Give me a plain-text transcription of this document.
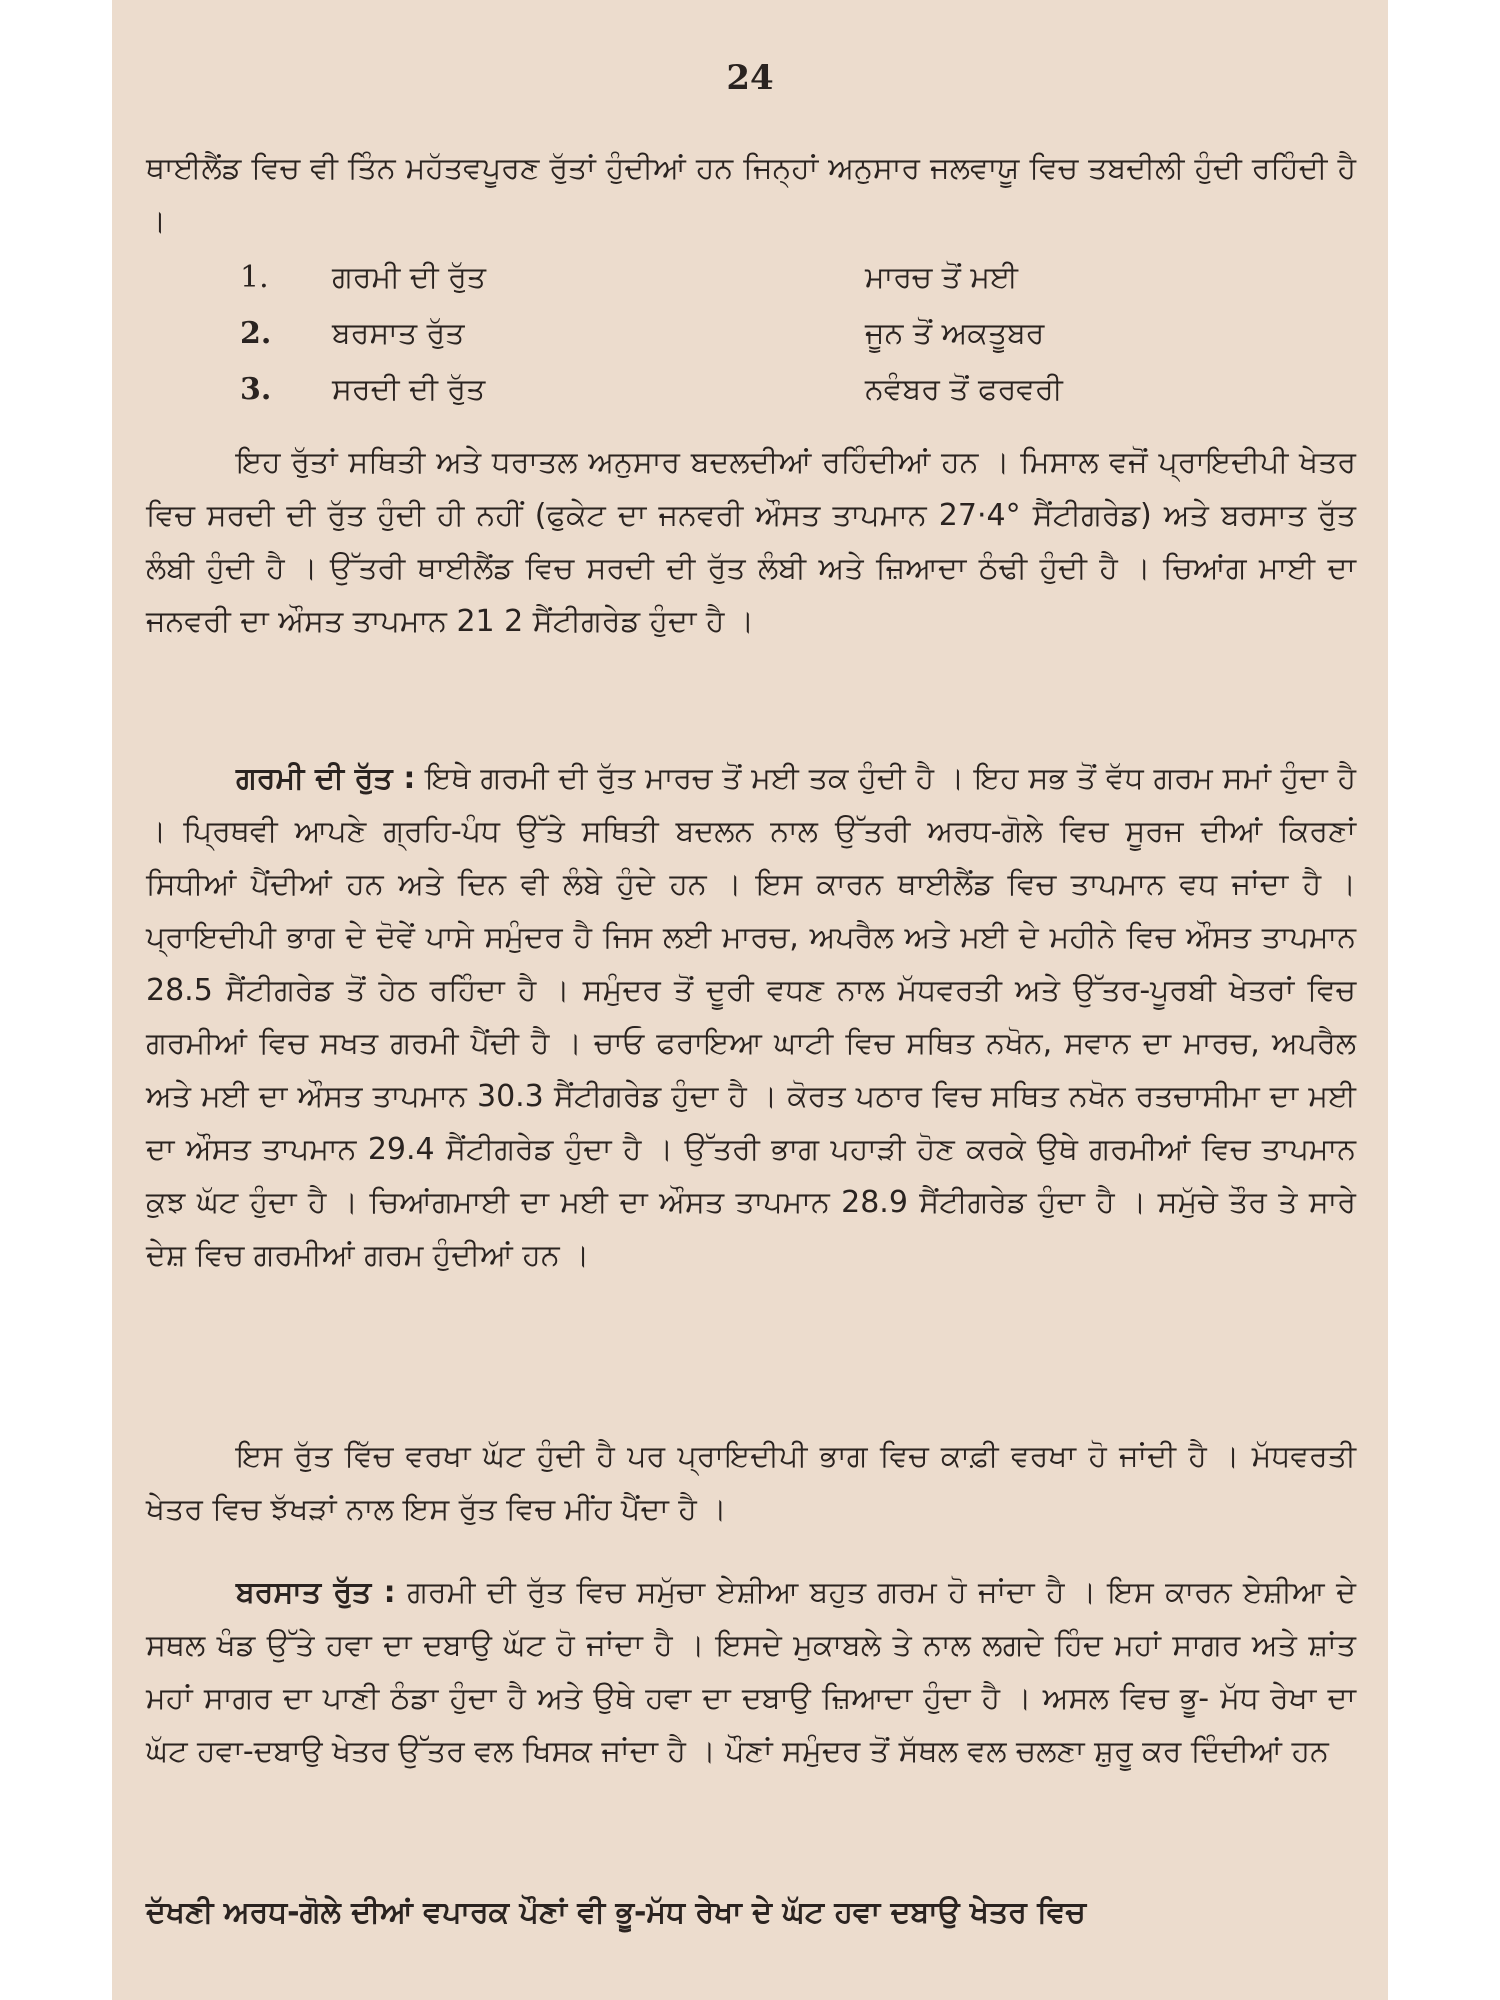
24

ਥਾਈਲੈਂਡ ਵਿਚ ਵੀ ਤਿੰਨ ਮਹੱਤਵਪੂਰਣ ਰੁੱਤਾਂ ਹੁੰਦੀਆਂ ਹਨ ਜਿਨ੍ਹਾਂ ਅਨੁਸਾਰ ਜਲਵਾਯੂ ਵਿਚ ਤਬਦੀਲੀ ਹੁੰਦੀ ਰਹਿੰਦੀ ਹੈ ।

1. ਗਰਮੀ ਦੀ ਰੁੱਤ	ਮਾਰਚ ਤੋਂ ਮਈ
2. ਬਰਸਾਤ ਰੁੱਤ	ਜੂਨ ਤੋਂ ਅਕਤੂਬਰ
3. ਸਰਦੀ ਦੀ ਰੁੱਤ	ਨਵੰਬਰ ਤੋਂ ਫਰਵਰੀ

ਇਹ ਰੁੱਤਾਂ ਸਥਿਤੀ ਅਤੇ ਧਰਾਤਲ ਅਨੁਸਾਰ ਬਦਲਦੀਆਂ ਰਹਿੰਦੀਆਂ ਹਨ । ਮਿਸਾਲ ਵਜੋਂ ਪ੍ਰਾਇਦੀਪੀ ਖੇਤਰ ਵਿਚ ਸਰਦੀ ਦੀ ਰੁੱਤ ਹੁੰਦੀ ਹੀ ਨਹੀਂ (ਫੁਕੇਟ ਦਾ ਜਨਵਰੀ ਔਸਤ ਤਾਪਮਾਨ 27·4° ਸੈਂਟੀਗਰੇਡ) ਅਤੇ ਬਰਸਾਤ ਰੁੱਤ ਲੰਬੀ ਹੁੰਦੀ ਹੈ । ਉੱਤਰੀ ਥਾਈਲੈਂਡ ਵਿਚ ਸਰਦੀ ਦੀ ਰੁੱਤ ਲੰਬੀ ਅਤੇ ਜ਼ਿਆਦਾ ਠੰਢੀ ਹੁੰਦੀ ਹੈ । ਚਿਆਂਗ ਮਾਈ ਦਾ ਜਨਵਰੀ ਦਾ ਔਸਤ ਤਾਪਮਾਨ 21 2 ਸੈਂਟੀਗਰੇਡ ਹੁੰਦਾ ਹੈ ।

ਗਰਮੀ ਦੀ ਰੁੱਤ : ਇਥੇ ਗਰਮੀ ਦੀ ਰੁੱਤ ਮਾਰਚ ਤੋਂ ਮਈ ਤਕ ਹੁੰਦੀ ਹੈ । ਇਹ ਸਭ ਤੋਂ ਵੱਧ ਗਰਮ ਸਮਾਂ ਹੁੰਦਾ ਹੈ । ਪ੍ਰਿਥਵੀ ਆਪਣੇ ਗ੍ਰਹਿ-ਪੰਧ ਉੱਤੇ ਸਥਿਤੀ ਬਦਲਨ ਨਾਲ ਉੱਤਰੀ ਅਰਧ-ਗੋਲੇ ਵਿਚ ਸੂਰਜ ਦੀਆਂ ਕਿਰਣਾਂ ਸਿਧੀਆਂ ਪੈਂਦੀਆਂ ਹਨ ਅਤੇ ਦਿਨ ਵੀ ਲੰਬੇ ਹੁੰਦੇ ਹਨ । ਇਸ ਕਾਰਨ ਥਾਈਲੈਂਡ ਵਿਚ ਤਾਪਮਾਨ ਵਧ ਜਾਂਦਾ ਹੈ । ਪ੍ਰਾਇਦੀਪੀ ਭਾਗ ਦੇ ਦੋਵੇਂ ਪਾਸੇ ਸਮੁੰਦਰ ਹੈ ਜਿਸ ਲਈ ਮਾਰਚ, ਅਪਰੈਲ ਅਤੇ ਮਈ ਦੇ ਮਹੀਨੇ ਵਿਚ ਔਸਤ ਤਾਪਮਾਨ 28.5 ਸੈਂਟੀਗਰੇਡ ਤੋਂ ਹੇਠ ਰਹਿੰਦਾ ਹੈ । ਸਮੁੰਦਰ ਤੋਂ ਦੂਰੀ ਵਧਣ ਨਾਲ ਮੱਧਵਰਤੀ ਅਤੇ ਉੱਤਰ-ਪੂਰਬੀ ਖੇਤਰਾਂ ਵਿਚ ਗਰਮੀਆਂ ਵਿਚ ਸਖਤ ਗਰਮੀ ਪੈਂਦੀ ਹੈ । ਚਾਓ ਫਰਾਇਆ ਘਾਟੀ ਵਿਚ ਸਥਿਤ ਨਖੋਨ, ਸਵਾਨ ਦਾ ਮਾਰਚ, ਅਪਰੈਲ ਅਤੇ ਮਈ ਦਾ ਔਸਤ ਤਾਪਮਾਨ 30.3 ਸੈਂਟੀਗਰੇਡ ਹੁੰਦਾ ਹੈ । ਕੋਰਤ ਪਠਾਰ ਵਿਚ ਸਥਿਤ ਨਖੋਨ ਰਤਚਾਸੀਮਾ ਦਾ ਮਈ ਦਾ ਔਸਤ ਤਾਪਮਾਨ 29.4 ਸੈਂਟੀਗਰੇਡ ਹੁੰਦਾ ਹੈ । ਉੱਤਰੀ ਭਾਗ ਪਹਾੜੀ ਹੋਣ ਕਰਕੇ ਉਥੇ ਗਰਮੀਆਂ ਵਿਚ ਤਾਪਮਾਨ ਕੁਝ ਘੱਟ ਹੁੰਦਾ ਹੈ । ਚਿਆਂਗਮਾਈ ਦਾ ਮਈ ਦਾ ਔਸਤ ਤਾਪਮਾਨ 28.9 ਸੈਂਟੀਗਰੇਡ ਹੁੰਦਾ ਹੈ । ਸਮੁੱਚੇ ਤੌਰ ਤੇ ਸਾਰੇ ਦੇਸ਼ ਵਿਚ ਗਰਮੀਆਂ ਗਰਮ ਹੁੰਦੀਆਂ ਹਨ ।

ਇਸ ਰੁੱਤ ਵਿੱਚ ਵਰਖਾ ਘੱਟ ਹੁੰਦੀ ਹੈ ਪਰ ਪ੍ਰਾਇਦੀਪੀ ਭਾਗ ਵਿਚ ਕਾਫ਼ੀ ਵਰਖਾ ਹੋ ਜਾਂਦੀ ਹੈ । ਮੱਧਵਰਤੀ ਖੇਤਰ ਵਿਚ ਝੱਖੜਾਂ ਨਾਲ ਇਸ ਰੁੱਤ ਵਿਚ ਮੀਂਹ ਪੈਂਦਾ ਹੈ ।

ਬਰਸਾਤ ਰੁੱਤ : ਗਰਮੀ ਦੀ ਰੁੱਤ ਵਿਚ ਸਮੁੱਚਾ ਏਸ਼ੀਆ ਬਹੁਤ ਗਰਮ ਹੋ ਜਾਂਦਾ ਹੈ । ਇਸ ਕਾਰਨ ਏਸ਼ੀਆ ਦੇ ਸਥਲ ਖੰਡ ਉੱਤੇ ਹਵਾ ਦਾ ਦਬਾਉ ਘੱਟ ਹੋ ਜਾਂਦਾ ਹੈ । ਇਸਦੇ ਮੁਕਾਬਲੇ ਤੇ ਨਾਲ ਲਗਦੇ ਹਿੰਦ ਮਹਾਂ ਸਾਗਰ ਅਤੇ ਸ਼ਾਂਤ ਮਹਾਂ ਸਾਗਰ ਦਾ ਪਾਣੀ ਠੰਡਾ ਹੁੰਦਾ ਹੈ ਅਤੇ ਉਥੇ ਹਵਾ ਦਾ ਦਬਾਉ ਜ਼ਿਆਦਾ ਹੁੰਦਾ ਹੈ । ਅਸਲ ਵਿਚ ਭੂ- ਮੱਧ ਰੇਖਾ ਦਾ ਘੱਟ ਹਵਾ-ਦਬਾਉ ਖੇਤਰ ਉੱਤਰ ਵਲ ਖਿਸਕ ਜਾਂਦਾ ਹੈ । ਪੌਣਾਂ ਸਮੁੰਦਰ ਤੋਂ ਸੱਥਲ ਵਲ ਚਲਣਾ ਸ਼ੁਰੂ ਕਰ ਦਿੰਦੀਆਂ ਹਨ

ਦੱਖਣੀ ਅਰਧ-ਗੋਲੇ ਦੀਆਂ ਵਪਾਰਕ ਪੌਣਾਂ ਵੀ ਭੂ-ਮੱਧ ਰੇਖਾ ਦੇ ਘੱਟ ਹਵਾ ਦਬਾਉ ਖੇਤਰ ਵਿਚ
